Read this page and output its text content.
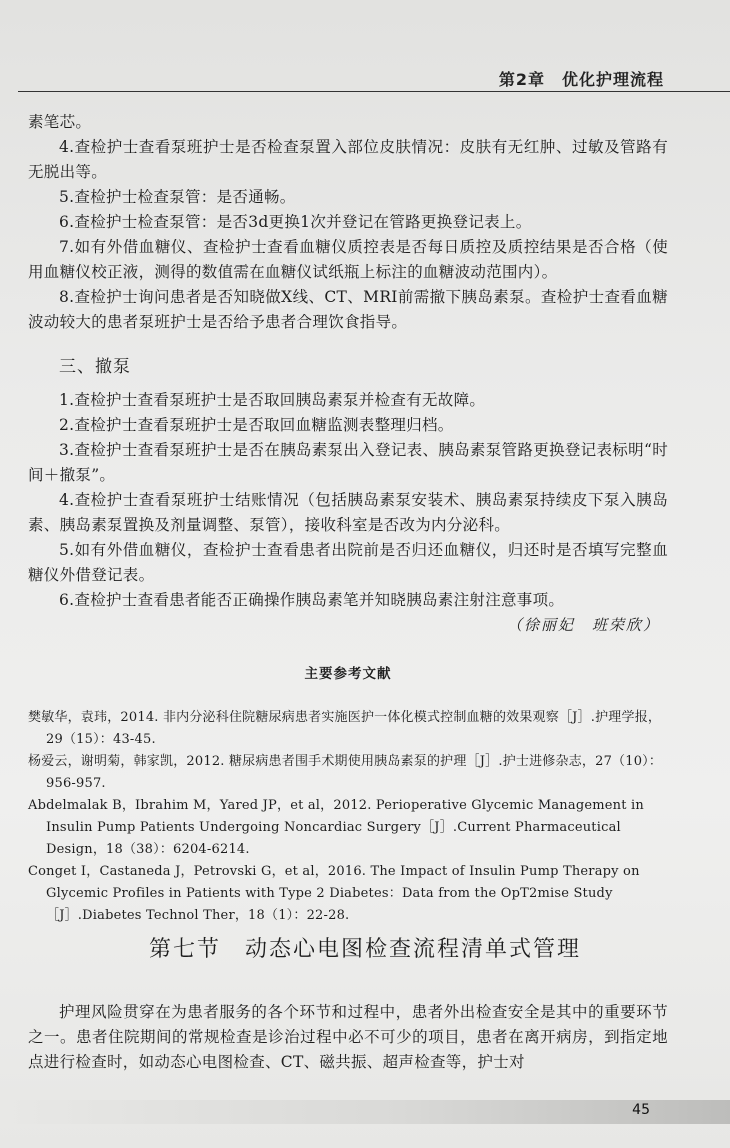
第2章　优化护理流程

素笔芯。

4.查检护士查看泵班护士是否检查泵置入部位皮肤情况：皮肤有无红肿、过敏及管路有无脱出等。

5.查检护士检查泵管：是否通畅。

6.查检护士检查泵管：是否3d更换1次并登记在管路更换登记表上。

7.如有外借血糖仪、查检护士查看血糖仪质控表是否每日质控及质控结果是否合格（使用血糖仪校正液，测得的数值需在血糖仪试纸瓶上标注的血糖波动范围内）。

8.查检护士询问患者是否知晓做X线、CT、MRI前需撤下胰岛素泵。查检护士查看血糖波动较大的患者泵班护士是否给予患者合理饮食指导。

三、撤泵

1.查检护士查看泵班护士是否取回胰岛素泵并检查有无故障。

2.查检护士查看泵班护士是否取回血糖监测表整理归档。

3.查检护士查看泵班护士是否在胰岛素泵出入登记表、胰岛素泵管路更换登记表标明“时间＋撤泵”。

4.查检护士查看泵班护士结账情况（包括胰岛素泵安装术、胰岛素泵持续皮下泵入胰岛素、胰岛素泵置换及剂量调整、泵管），接收科室是否改为内分泌科。

5.如有外借血糖仪，查检护士查看患者出院前是否归还血糖仪，归还时是否填写完整血糖仪外借登记表。

6.查检护士查看患者能否正确操作胰岛素笔并知晓胰岛素注射注意事项。

（徐丽妃　班荣欣）

主要参考文献

樊敏华，袁玮，2014. 非内分泌科住院糖尿病患者实施医护一体化模式控制血糖的效果观察［J］.护理学报，29（15）：43-45.

杨爱云，谢明菊，韩家凯，2012. 糖尿病患者围手术期使用胰岛素泵的护理［J］.护士进修杂志，27（10）：956-957.

Abdelmalak B，Ibrahim M，Yared JP，et al，2012. Perioperative Glycemic Management in Insulin Pump Patients Undergoing Noncardiac Surgery［J］.Current Pharmaceutical Design，18（38）：6204-6214.

Conget I，Castaneda J，Petrovski G，et al，2016. The Impact of Insulin Pump Therapy on Glycemic Profiles in Patients with Type 2 Diabetes：Data from the OpT2mise Study［J］.Diabetes Technol Ther，18（1）：22-28.

第七节　动态心电图检查流程清单式管理

护理风险贯穿在为患者服务的各个环节和过程中，患者外出检查安全是其中的重要环节之一。患者住院期间的常规检查是诊治过程中必不可少的项目，患者在离开病房，到指定地点进行检查时，如动态心电图检查、CT、磁共振、超声检查等，护士对

45
